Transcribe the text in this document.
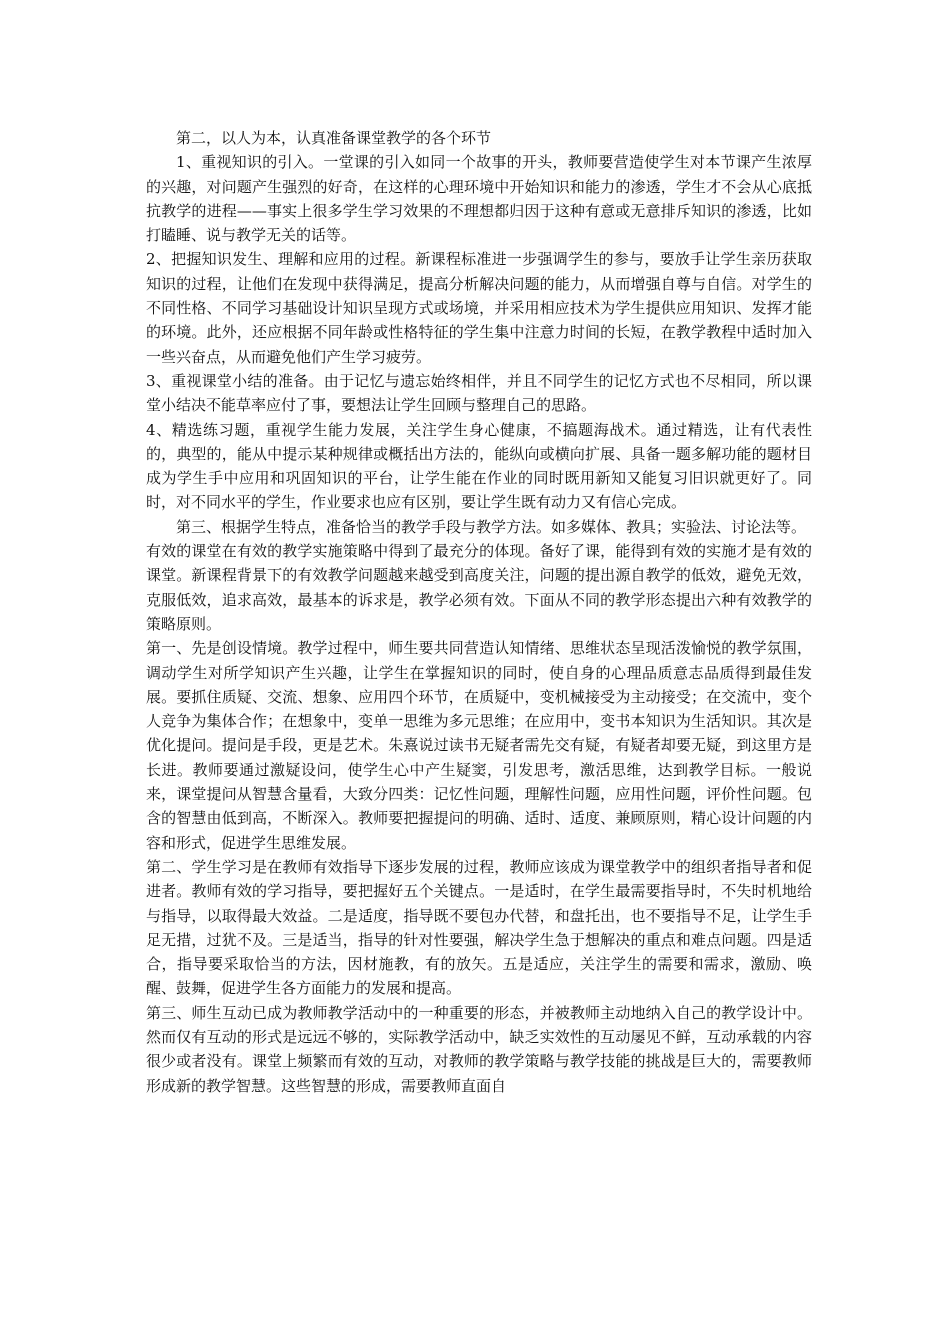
第二，以人为本，认真准备课堂教学的各个环节

1、重视知识的引入。一堂课的引入如同一个故事的开头，教师要营造使学生对本节课产生浓厚的兴趣，对问题产生强烈的好奇，在这样的心理环境中开始知识和能力的渗透，学生才不会从心底抵抗教学的进程——事实上很多学生学习效果的不理想都归因于这种有意或无意排斥知识的渗透，比如打瞌睡、说与教学无关的话等。

2、把握知识发生、理解和应用的过程。新课程标准进一步强调学生的参与，要放手让学生亲历获取知识的过程，让他们在发现中获得满足，提高分析解决问题的能力，从而增强自尊与自信。对学生的不同性格、不同学习基础设计知识呈现方式或场境，并采用相应技术为学生提供应用知识、发挥才能的环境。此外，还应根据不同年龄或性格特征的学生集中注意力时间的长短，在教学教程中适时加入一些兴奋点，从而避免他们产生学习疲劳。

3、重视课堂小结的准备。由于记忆与遗忘始终相伴，并且不同学生的记忆方式也不尽相同，所以课堂小结决不能草率应付了事，要想法让学生回顾与整理自己的思路。

4、精选练习题，重视学生能力发展，关注学生身心健康，不搞题海战术。通过精选，让有代表性的，典型的，能从中提示某种规律或概括出方法的，能纵向或横向扩展、具备一题多解功能的题材目成为学生手中应用和巩固知识的平台，让学生能在作业的同时既用新知又能复习旧识就更好了。同时，对不同水平的学生，作业要求也应有区别，要让学生既有动力又有信心完成。

第三、根据学生特点，准备恰当的教学手段与教学方法。如多媒体、教具；实验法、讨论法等。

有效的课堂在有效的教学实施策略中得到了最充分的体现。备好了课，能得到有效的实施才是有效的课堂。新课程背景下的有效教学问题越来越受到高度关注，问题的提出源自教学的低效，避免无效，克服低效，追求高效，最基本的诉求是，教学必须有效。下面从不同的教学形态提出六种有效教学的策略原则。

第一、先是创设情境。教学过程中，师生要共同营造认知情绪、思维状态呈现活泼愉悦的教学氛围，调动学生对所学知识产生兴趣，让学生在掌握知识的同时，使自身的心理品质意志品质得到最佳发展。要抓住质疑、交流、想象、应用四个环节，在质疑中，变机械接受为主动接受；在交流中，变个人竞争为集体合作；在想象中，变单一思维为多元思维；在应用中，变书本知识为生活知识。其次是优化提问。提问是手段，更是艺术。朱熹说过读书无疑者需先交有疑，有疑者却要无疑，到这里方是长进。教师要通过激疑设问，使学生心中产生疑窦，引发思考，激活思维，达到教学目标。一般说来，课堂提问从智慧含量看，大致分四类：记忆性问题，理解性问题，应用性问题，评价性问题。包含的智慧由低到高，不断深入。教师要把握提问的明确、适时、适度、兼顾原则，精心设计问题的内容和形式，促进学生思维发展。

第二、学生学习是在教师有效指导下逐步发展的过程，教师应该成为课堂教学中的组织者指导者和促进者。教师有效的学习指导，要把握好五个关键点。一是适时，在学生最需要指导时，不失时机地给与指导，以取得最大效益。二是适度，指导既不要包办代替，和盘托出，也不要指导不足，让学生手足无措，过犹不及。三是适当，指导的针对性要强，解决学生急于想解决的重点和难点问题。四是适合，指导要采取恰当的方法，因材施教，有的放矢。五是适应，关注学生的需要和需求，激励、唤醒、鼓舞，促进学生各方面能力的发展和提高。

第三、师生互动已成为教师教学活动中的一种重要的形态，并被教师主动地纳入自己的教学设计中。然而仅有互动的形式是远远不够的，实际教学活动中，缺乏实效性的互动屡见不鲜，互动承载的内容很少或者没有。课堂上频繁而有效的互动，对教师的教学策略与教学技能的挑战是巨大的，需要教师形成新的教学智慧。这些智慧的形成，需要教师直面自
